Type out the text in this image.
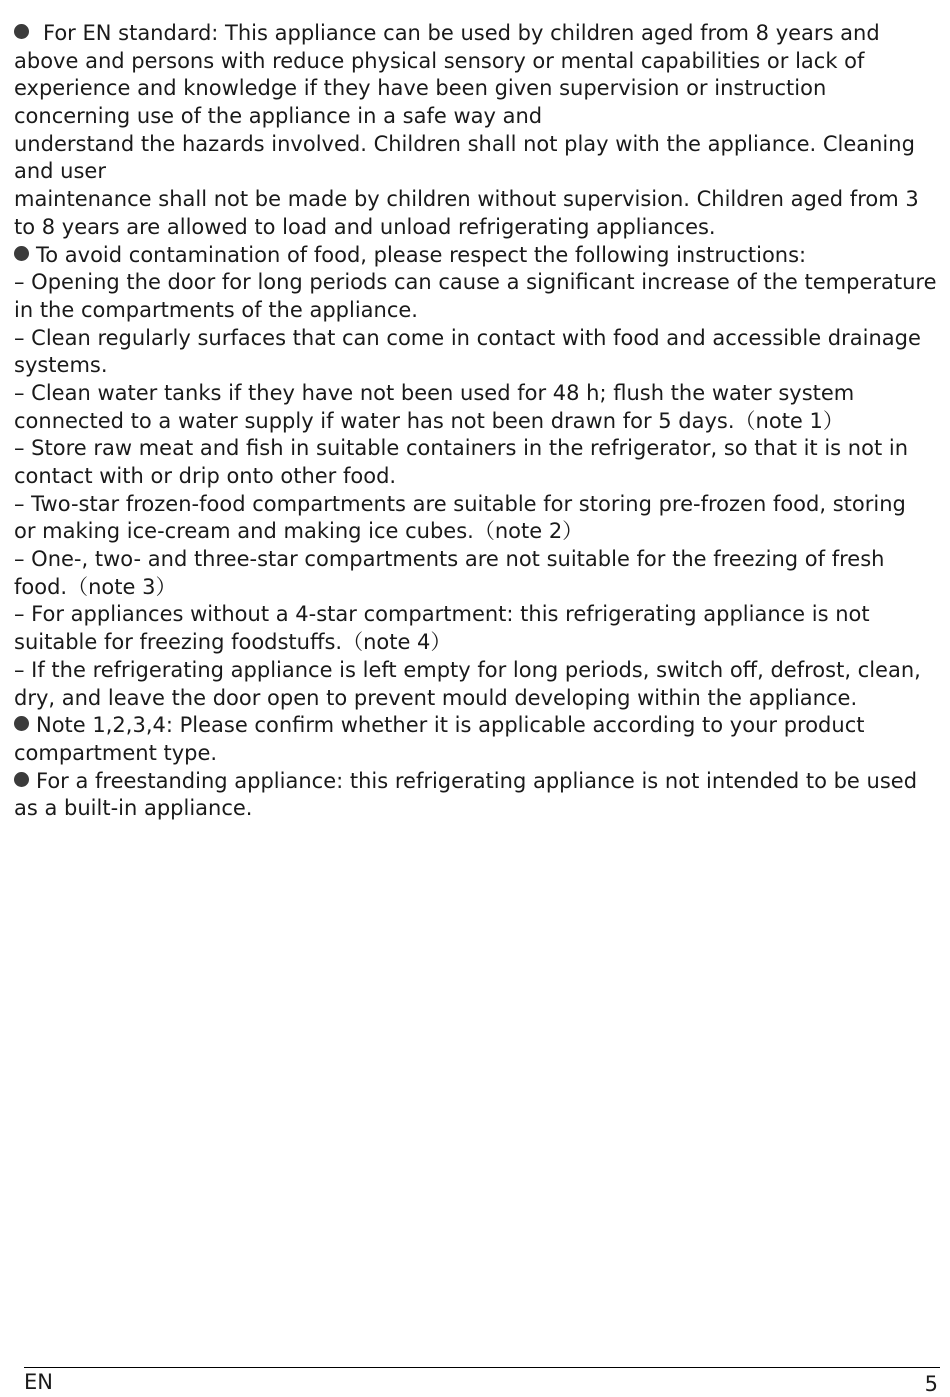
For EN standard: This appliance can be used by children aged from 8 years and
above and persons with reduce physical sensory or mental capabilities or lack of
experience and knowledge if they have been given supervision or instruction
concerning use of the appliance in a safe way and
understand the hazards involved. Children shall not play with the appliance. Cleaning
and user
maintenance shall not be made by children without supervision. Children aged from 3
to 8 years are allowed to load and unload refrigerating appliances.
To avoid contamination of food, please respect the following instructions:
– Opening the door for long periods can cause a significant increase of the temperature
in the compartments of the appliance.
– Clean regularly surfaces that can come in contact with food and accessible drainage
systems.
– Clean water tanks if they have not been used for 48 h; flush the water system
connected to a water supply if water has not been drawn for 5 days.（note 1）
– Store raw meat and fish in suitable containers in the refrigerator, so that it is not in
contact with or drip onto other food.
– Two-star frozen-food compartments are suitable for storing pre-frozen food, storing
or making ice-cream and making ice cubes.（note 2）
– One-, two- and three-star compartments are not suitable for the freezing of fresh
food.（note 3）
– For appliances without a 4-star compartment: this refrigerating appliance is not
suitable for freezing foodstuffs.（note 4）
– If the refrigerating appliance is left empty for long periods, switch off, defrost, clean,
dry, and leave the door open to prevent mould developing within the appliance.
Note 1,2,3,4: Please confirm whether it is applicable according to your product
compartment type.
For a freestanding appliance: this refrigerating appliance is not intended to be used
as a built-in appliance.
EN	5
